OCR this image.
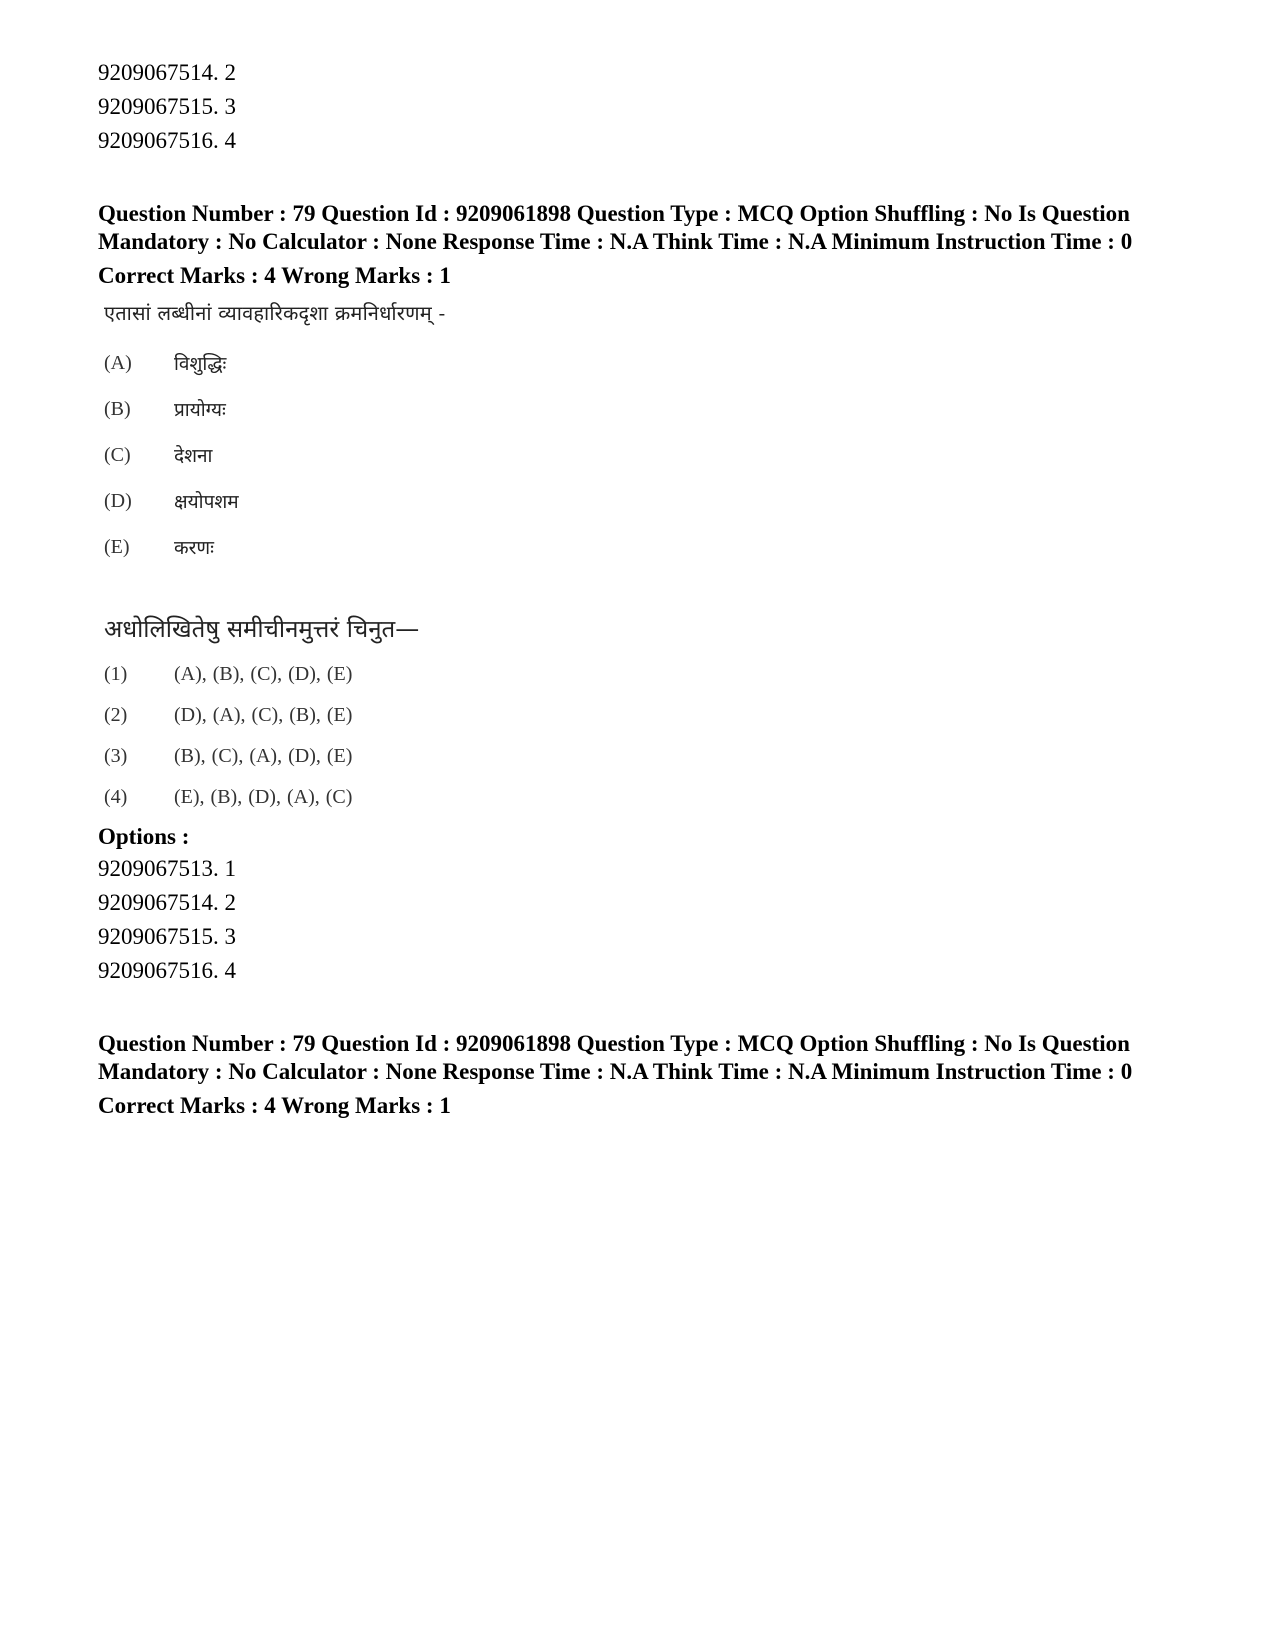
9209067514. 2
9209067515. 3
9209067516. 4
Question Number : 79 Question Id : 9209061898 Question Type : MCQ Option Shuffling : No Is Question Mandatory : No Calculator : None Response Time : N.A Think Time : N.A Minimum Instruction Time : 0
Correct Marks : 4 Wrong Marks : 1
एतासां लब्धीनां व्यावहारिकदृशा क्रमनिर्धारणम् -
(A)	विशुद्धिः
(B)	प्रायोग्यः
(C)	देशना
(D)	क्षयोपशम
(E)	करणः
अधोलिखितेषु समीचीनमुत्तरं चिनुत—
(1)	(A), (B), (C), (D), (E)
(2)	(D), (A), (C), (B), (E)
(3)	(B), (C), (A), (D), (E)
(4)	(E), (B), (D), (A), (C)
Options :
9209067513. 1
9209067514. 2
9209067515. 3
9209067516. 4
Question Number : 79 Question Id : 9209061898 Question Type : MCQ Option Shuffling : No Is Question Mandatory : No Calculator : None Response Time : N.A Think Time : N.A Minimum Instruction Time : 0
Correct Marks : 4 Wrong Marks : 1
